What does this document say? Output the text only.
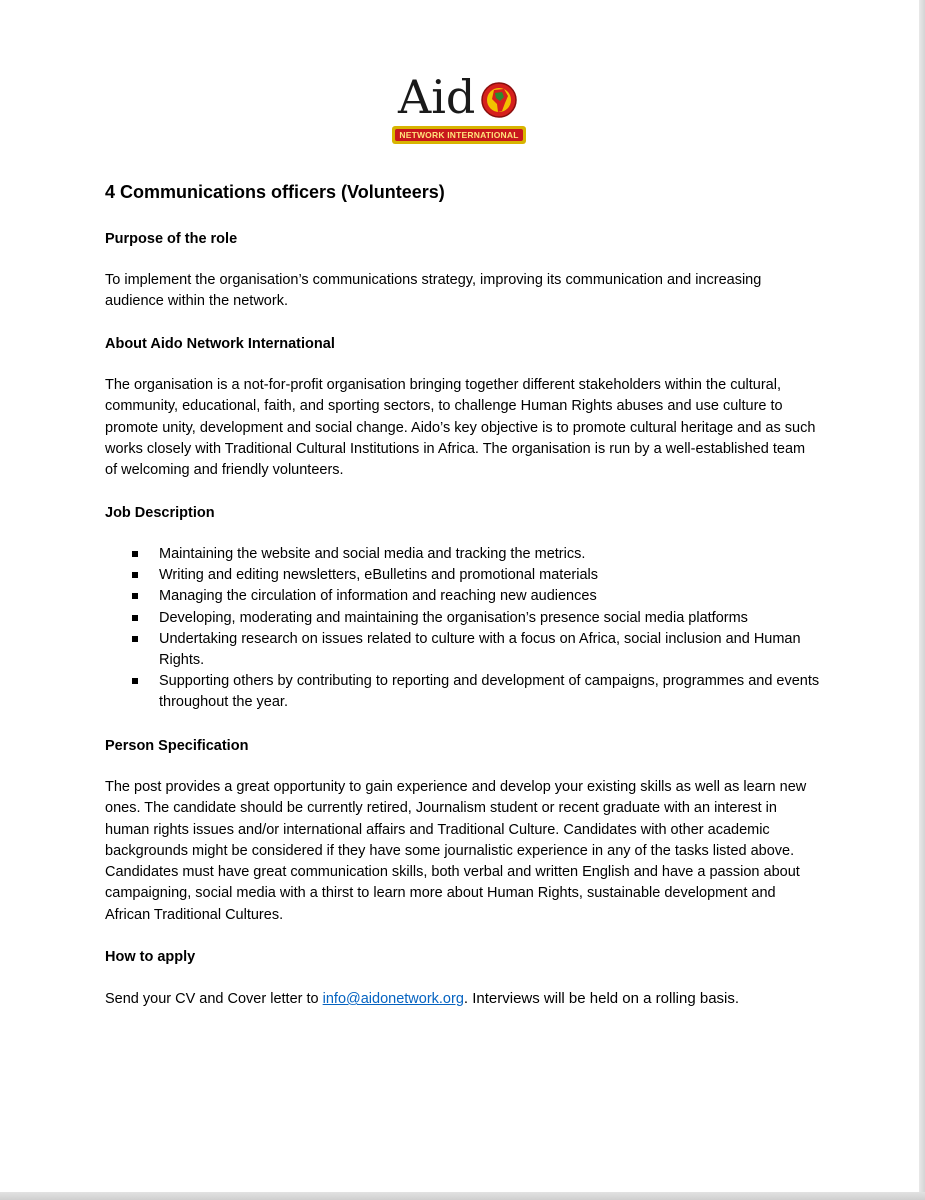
Aid
NETWORK INTERNATIONAL
4 Communications officers (Volunteers)
Purpose of the role

To implement the organisation’s communications strategy, improving its communication and increasing audience within the network.

About Aido Network International

The organisation is a not-for-profit organisation bringing together different stakeholders within the cultural, community, educational, faith, and sporting sectors, to challenge Human Rights abuses and use culture to promote unity, development and social change. Aido’s key objective is to promote cultural heritage and as such works closely with Traditional Cultural Institutions in Africa. The organisation is run by a well-established team of welcoming and friendly volunteers.

Job Description
Maintaining the website and social media and tracking the metrics.
Writing and editing newsletters, eBulletins and promotional materials
Managing the circulation of information and reaching new audiences
Developing, moderating and maintaining the organisation’s presence social media platforms
Undertaking research on issues related to culture with a focus on Africa, social inclusion and Human Rights.
Supporting others by contributing to reporting and development of campaigns, programmes and events throughout the year.
Person Specification

The post provides a great opportunity to gain experience and develop your existing skills as well as learn new ones. The candidate should be currently retired, Journalism student or recent graduate with an interest in human rights issues and/or international affairs and Traditional Culture. Candidates with other academic backgrounds might be considered if they have some journalistic experience in any of the tasks listed above. Candidates must have great communication skills, both verbal and written English and have a passion about campaigning, social media with a thirst to learn more about Human Rights, sustainable development and African Traditional Cultures.

How to apply

Send your CV and Cover letter to info@aidonetwork.org. Interviews will be held on a rolling basis.
